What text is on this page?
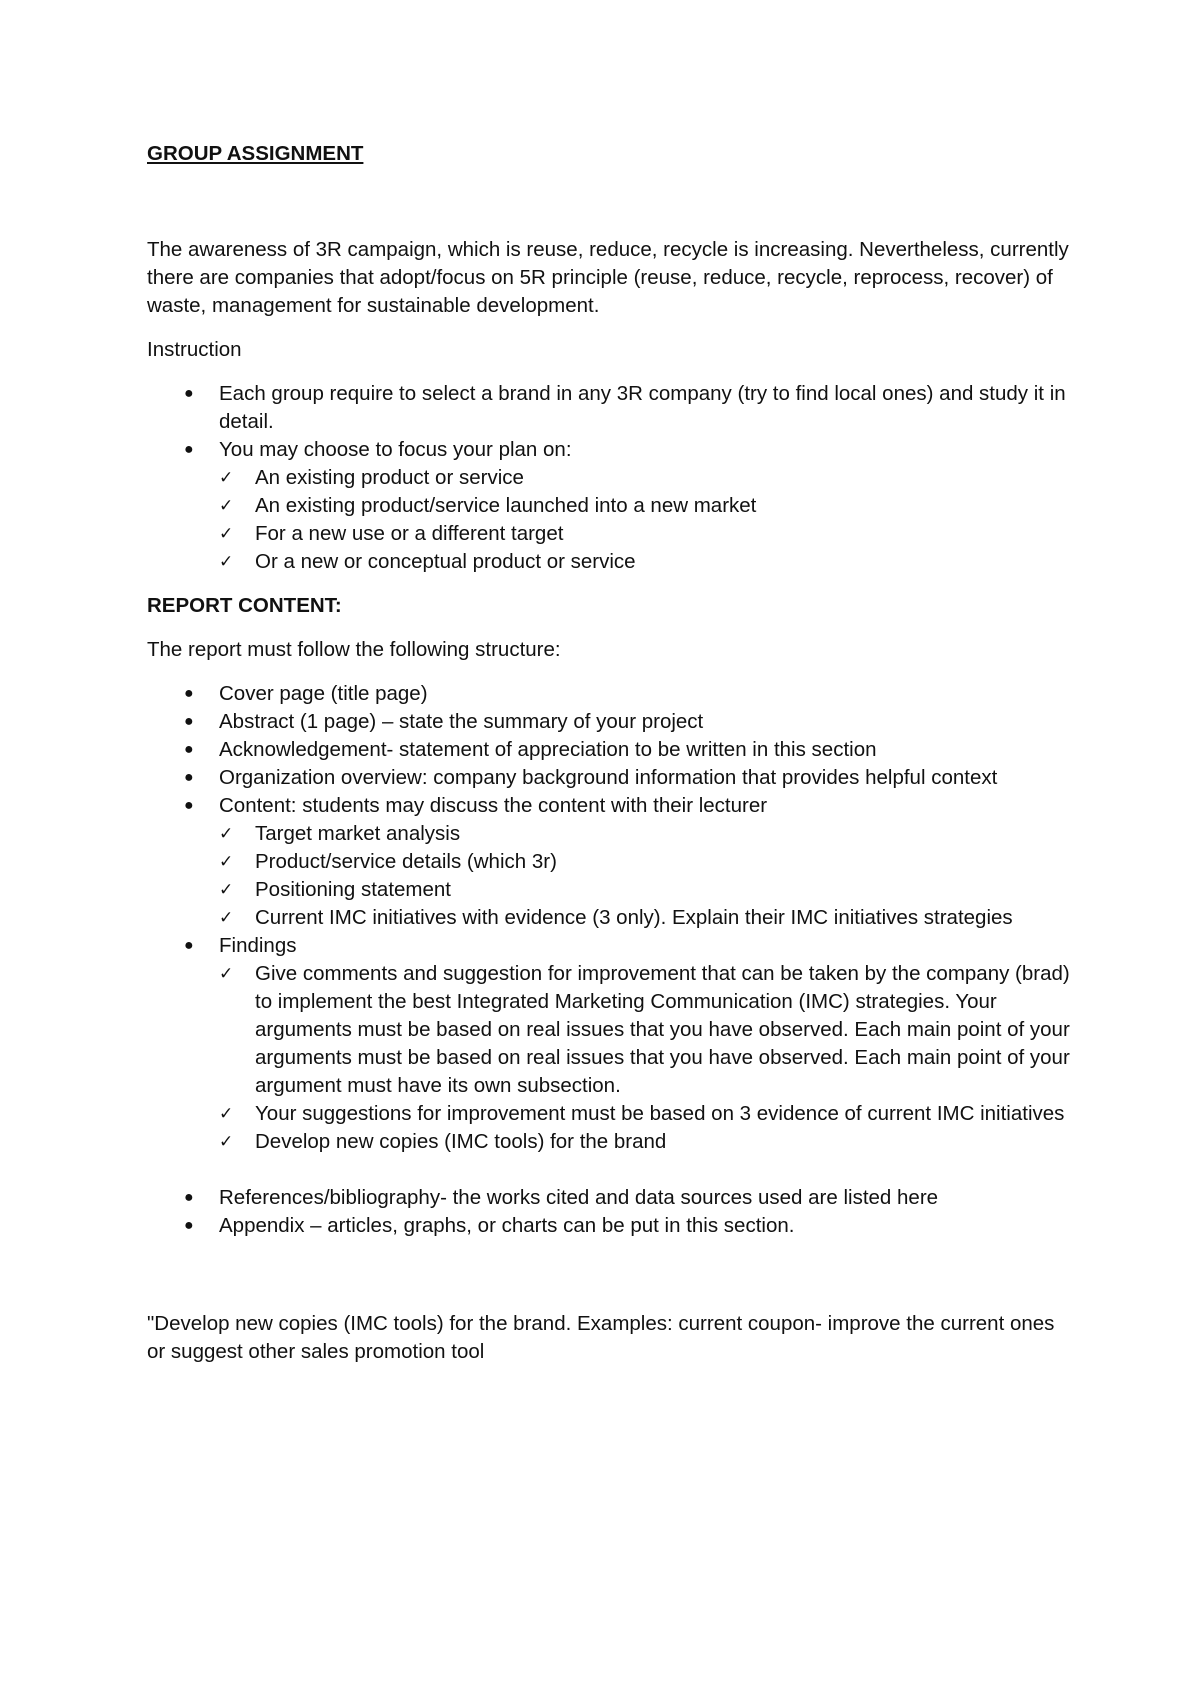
GROUP ASSIGNMENT

The awareness of 3R campaign, which is reuse, reduce, recycle is increasing. Nevertheless, currently there are companies that adopt/focus on 5R principle (reuse, reduce, recycle, reprocess, recover) of waste, management for sustainable development.

Instruction

● Each group require to select a brand in any 3R company (try to find local ones) and study it in detail.
● You may choose to focus your plan on:
✓ An existing product or service
✓ An existing product/service launched into a new market
✓ For a new use or a different target
✓ Or a new or conceptual product or service

REPORT CONTENT:

The report must follow the following structure:

● Cover page (title page)
● Abstract (1 page) – state the summary of your project
● Acknowledgement- statement of appreciation to be written in this section
● Organization overview: company background information that provides helpful context
● Content: students may discuss the content with their lecturer
✓ Target market analysis
✓ Product/service details (which 3r)
✓ Positioning statement
✓ Current IMC initiatives with evidence (3 only). Explain their IMC initiatives strategies
● Findings
✓ Give comments and suggestion for improvement that can be taken by the company (brad) to implement the best Integrated Marketing Communication (IMC) strategies. Your arguments must be based on real issues that you have observed. Each main point of your arguments must be based on real issues that you have observed. Each main point of your argument must have its own subsection.
✓ Your suggestions for improvement must be based on 3 evidence of current IMC initiatives
✓ Develop new copies (IMC tools) for the brand
● References/bibliography- the works cited and data sources used are listed here
● Appendix – articles, graphs, or charts can be put in this section.

"Develop new copies (IMC tools) for the brand. Examples: current coupon- improve the current ones or suggest other sales promotion tool
